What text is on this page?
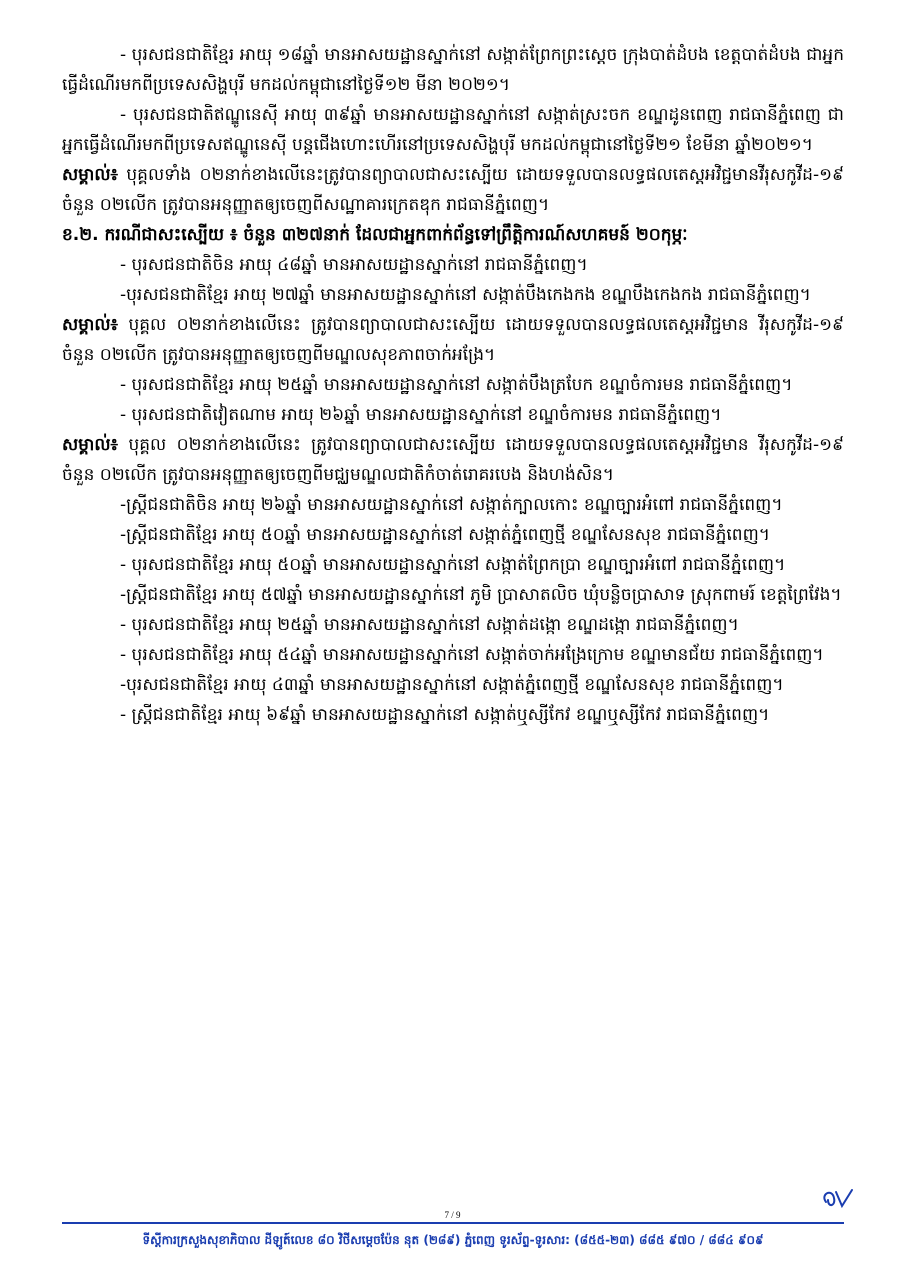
- បុរសជនជាតិខ្មែរ អាយុ ១៨ឆ្នាំ មានអាសយដ្ឋានស្នាក់នៅ សង្កាត់ព្រែកព្រះស្តេច ក្រុងបាត់ដំបង ខេត្តបាត់ដំបង ជាអ្នកធ្វើដំណើរមកពីប្រទេសសិង្ហបុរី មកដល់កម្ពុជានៅថ្ងៃទី១២ មីនា ២០២១។

- បុរសជនជាតិឥណ្ឌូនេស៊ី អាយុ ៣៩ឆ្នាំ មានអាសយដ្ឋានស្នាក់នៅ សង្កាត់ស្រះចក ខណ្ឌដូនពេញ រាជធានីភ្នំពេញ ជាអ្នកធ្វើដំណើរមកពីប្រទេសឥណ្ឌូនេស៊ី បន្តជើងហោះហើរនៅប្រទេសសិង្ហបុរី មកដល់កម្ពុជានៅថ្ងៃទី២១ ខែមីនា ឆ្នាំ២០២១។

សម្គាល់៖ បុគ្គលទាំង ០២នាក់ខាងលើនេះត្រូវបានព្យាបាលជាសះស្បើយ ដោយទទួលបានលទ្ធផលតេស្តអវិជ្ជមានវីរុសកូវីដ-១៩ ចំនួន ០២លើក ត្រូវបានអនុញ្ញាតឲ្យចេញពីសណ្ឋាគារក្រេតឌុក រាជធានីភ្នំពេញ។

ខ.២. ករណីជាសះស្បើយ ៖ ចំនួន ៣២៧នាក់ ដែលជាអ្នកពាក់ព័ន្ធទៅព្រឹត្តិការណ៍សហគមន៍ ២០កុម្ភៈ

- បុរសជនជាតិចិន អាយុ ៤៨ឆ្នាំ មានអាសយដ្ឋានស្នាក់នៅ រាជធានីភ្នំពេញ។

-បុរសជនជាតិខ្មែរ អាយុ ២៧ឆ្នាំ មានអាសយដ្ឋានស្នាក់នៅ សង្កាត់បឹងកេងកង ខណ្ឌបឹងកេងកង រាជធានីភ្នំពេញ។

សម្គាល់៖ បុគ្គល ០២នាក់ខាងលើនេះ ត្រូវបានព្យាបាលជាសះស្បើយ ដោយទទួលបានលទ្ធផលតេស្តអវិជ្ជមាន វីរុសកូវីដ-១៩ ចំនួន ០២លើក ត្រូវបានអនុញ្ញាតឲ្យចេញពីមណ្ឌលសុខភាពចាក់អង្រែ។

- បុរសជនជាតិខ្មែរ អាយុ ២៥ឆ្នាំ មានអាសយដ្ឋានស្នាក់នៅ សង្កាត់បឹងត្របែក ខណ្ឌចំការមន រាជធានីភ្នំពេញ។

- បុរសជនជាតិវៀតណាម អាយុ ២៦ឆ្នាំ មានអាសយដ្ឋានស្នាក់នៅ ខណ្ឌចំការមន រាជធានីភ្នំពេញ។

សម្គាល់៖ បុគ្គល ០២នាក់ខាងលើនេះ ត្រូវបានព្យាបាលជាសះស្បើយ ដោយទទួលបានលទ្ធផលតេស្តអវិជ្ជមាន វីរុសកូវីដ-១៩ ចំនួន ០២លើក ត្រូវបានអនុញ្ញាតឲ្យចេញពីមជ្ឈមណ្ឌលជាតិកំចាត់រោគរបេង និងហង់សិន។

-ស្ត្រីជនជាតិចិន អាយុ ២៦ឆ្នាំ មានអាសយដ្ឋានស្នាក់នៅ សង្កាត់ក្បាលកោះ ខណ្ឌច្បារអំពៅ រាជធានីភ្នំពេញ។

-ស្ត្រីជនជាតិខ្មែរ អាយុ ៥០ឆ្នាំ មានអាសយដ្ឋានស្នាក់នៅ សង្កាត់ភ្នំពេញថ្មី ខណ្ឌសែនសុខ រាជធានីភ្នំពេញ។

- បុរសជនជាតិខ្មែរ អាយុ ៥០ឆ្នាំ មានអាសយដ្ឋានស្នាក់នៅ សង្កាត់ព្រែកប្រា ខណ្ឌច្បារអំពៅ រាជធានីភ្នំពេញ។

-ស្ត្រីជនជាតិខ្មែរ អាយុ ៥៧ឆ្នាំ មានអាសយដ្ឋានស្នាក់នៅ ភូមិ ប្រាសាតលិច ឃុំបន្លិចប្រាសាទ ស្រុកពាមរ៍ ខេត្តព្រៃវែង។

- បុរសជនជាតិខ្មែរ អាយុ ២៥ឆ្នាំ មានអាសយដ្ឋានស្នាក់នៅ សង្កាត់ដង្កោ ខណ្ឌដង្កោ រាជធានីភ្នំពេញ។

- បុរសជនជាតិខ្មែរ អាយុ ៥៤ឆ្នាំ មានអាសយដ្ឋានស្នាក់នៅ សង្កាត់ចាក់អង្រែក្រោម ខណ្ឌមានជ័យ រាជធានីភ្នំពេញ។

-បុរសជនជាតិខ្មែរ អាយុ ៤៣ឆ្នាំ មានអាសយដ្ឋានស្នាក់នៅ សង្កាត់ភ្នំពេញថ្មី ខណ្ឌសែនសុខ រាជធានីភ្នំពេញ។

- ស្ត្រីជនជាតិខ្មែរ អាយុ ៦៩ឆ្នាំ មានអាសយដ្ឋានស្នាក់នៅ សង្កាត់ឬស្សីកែវ ខណ្ឌឬស្សីកែវ រាជធានីភ្នំពេញ។

7 / 9
ទីស្ដីការក្រសួងសុខាភិបាល ដីឡូត៍លេខ ៨០ វិថីសម្ដេចប៉ែន នុត (២៨៩) ភ្នំពេញ ទូរស័ព្ទ-ទូរសារ: (៨៥៥-២៣) ៨៨៥ ៩៧០ / ៨៨៤ ៩០៩
